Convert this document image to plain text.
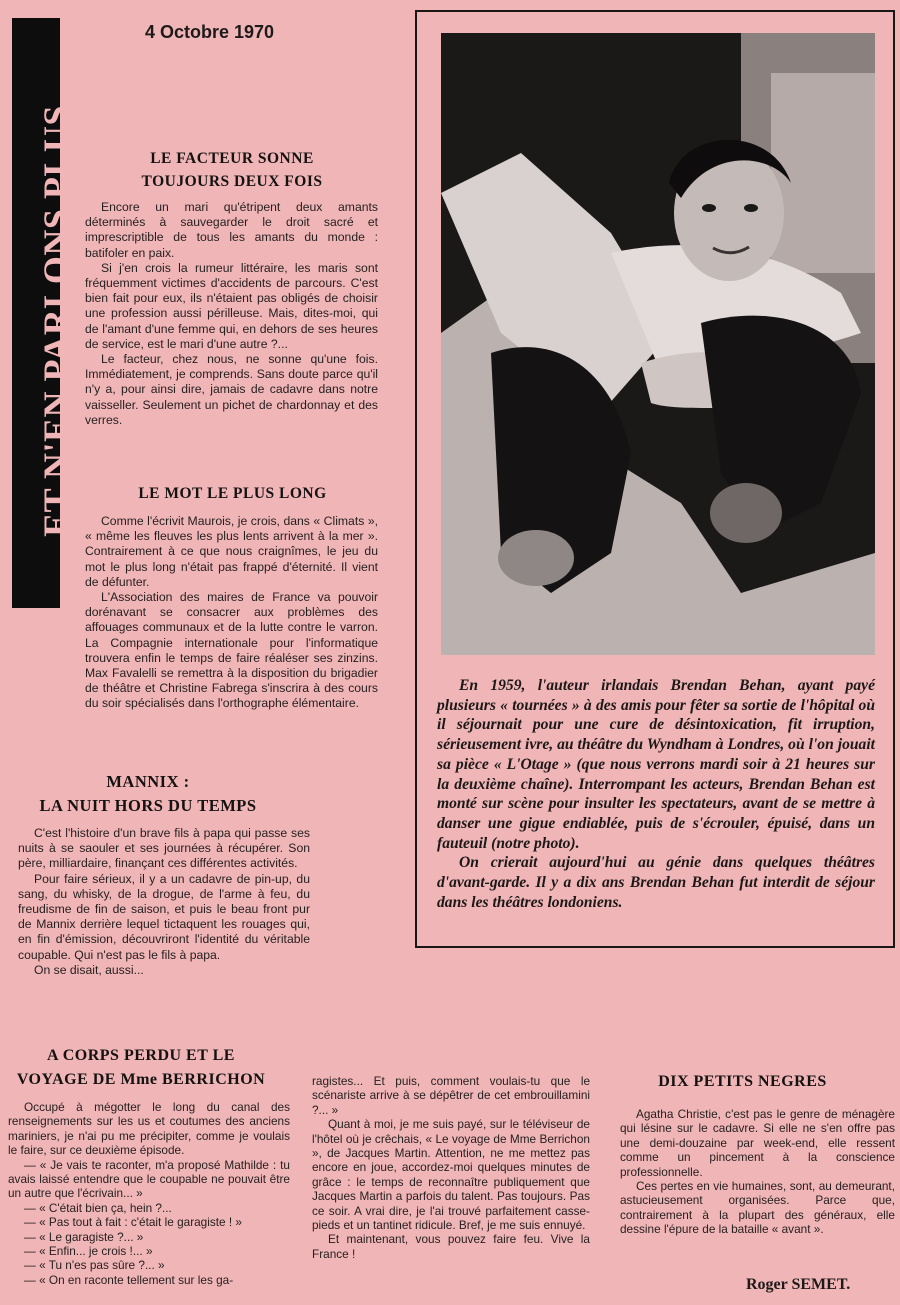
ET N'EN PARLONS PLUS
4 Octobre 1970
LE FACTEUR SONNE
TOUJOURS DEUX FOIS

Encore un mari qu'étripent deux amants déterminés à sauvegarder le droit sacré et imprescriptible de tous les amants du monde : batifoler en paix.

Si j'en crois la rumeur littéraire, les maris sont fréquemment victimes d'accidents de parcours. C'est bien fait pour eux, ils n'étaient pas obligés de choisir une profession aussi périlleuse. Mais, dites-moi, qui de l'amant d'une femme qui, en dehors de ses heures de service, est le mari d'une autre ?...

Le facteur, chez nous, ne sonne qu'une fois. Immédiatement, je comprends. Sans doute parce qu'il n'y a, pour ainsi dire, jamais de cadavre dans notre vaisseller. Seulement un pichet de chardonnay et des verres.

LE MOT LE PLUS LONG

Comme l'écrivit Maurois, je crois, dans « Climats », « même les fleuves les plus lents arrivent à la mer ». Contrairement à ce que nous craignîmes, le jeu du mot le plus long n'était pas frappé d'éternité. Il vient de défunter.

L'Association des maires de France va pouvoir dorénavant se consacrer aux problèmes des affouages communaux et de la lutte contre le varron. La Compagnie internationale pour l'informatique trouvera enfin le temps de faire réaléser ses zinzins. Max Favalelli se remettra à la disposition du brigadier de théâtre et Christine Fabrega s'inscrira à des cours du soir spécialisés dans l'orthographe élémentaire.

MANNIX :
LA NUIT HORS DU TEMPS

C'est l'histoire d'un brave fils à papa qui passe ses nuits à se saouler et ses journées à récupérer. Son père, milliardaire, finançant ces différentes activités.

Pour faire sérieux, il y a un cadavre de pin-up, du sang, du whisky, de la drogue, de l'arme à feu, du freudisme de fin de saison, et puis le beau front pur de Mannix derrière lequel tictaquent les rouages qui, en fin d'émission, découvriront l'identité du véritable coupable. Qui n'est pas le fils à papa.

On se disait, aussi...

A CORPS PERDU ET LE
VOYAGE DE Mme BERRICHON

Occupé à mégotter le long du canal des renseignements sur les us et coutumes des anciens mariniers, je n'ai pu me précipiter, comme je voulais le faire, sur ce deuxième épisode.

— « Je vais te raconter, m'a proposé Mathilde : tu avais laissé entendre que le coupable ne pouvait être un autre que l'écrivain... »

— « C'était bien ça, hein ?...

— « Pas tout à fait : c'était le garagiste ! »

— « Le garagiste ?... »

— « Enfin... je crois !... »

— « Tu n'es pas sûre ?... »

— « On en raconte tellement sur les ga-

ragistes... Et puis, comment voulais-tu que le scénariste arrive à se dépêtrer de cet embrouillamini ?... »

Quant à moi, je me suis payé, sur le téléviseur de l'hôtel où je crêchais, « Le voyage de Mme Berrichon », de Jacques Martin. Attention, ne me mettez pas encore en joue, accordez-moi quelques minutes de grâce : le temps de reconnaître publiquement que Jacques Martin a parfois du talent. Pas toujours. Pas ce soir. A vrai dire, je l'ai trouvé parfaitement casse-pieds et un tantinet ridicule. Bref, je me suis ennuyé.

Et maintenant, vous pouvez faire feu. Vive la France !

DIX PETITS NEGRES

Agatha Christie, c'est pas le genre de ménagère qui lésine sur le cadavre. Si elle ne s'en offre pas une demi-douzaine par week-end, elle ressent comme un pincement à la conscience professionnelle.

Ces pertes en vie humaines, sont, au demeurant, astucieusement organisées. Parce que, contrairement à la plupart des généraux, elle dessine l'épure de la bataille « avant ».

Roger SEMET.

En 1959, l'auteur irlandais Brendan Behan, ayant payé plusieurs « tournées » à des amis pour fêter sa sortie de l'hôpital où il séjournait pour une cure de désintoxication, fit irruption, sérieusement ivre, au théâtre du Wyndham à Londres, où l'on jouait sa pièce « L'Otage » (que nous verrons mardi soir à 21 heures sur la deuxième chaîne). Interrompant les acteurs, Brendan Behan est monté sur scène pour insulter les spectateurs, avant de se mettre à danser une gigue endiablée, puis de s'écrouler, épuisé, dans un fauteuil (notre photo).

On crierait aujourd'hui au génie dans quelques théâtres d'avant-garde. Il y a dix ans Brendan Behan fut interdit de séjour dans les théâtres londoniens.
